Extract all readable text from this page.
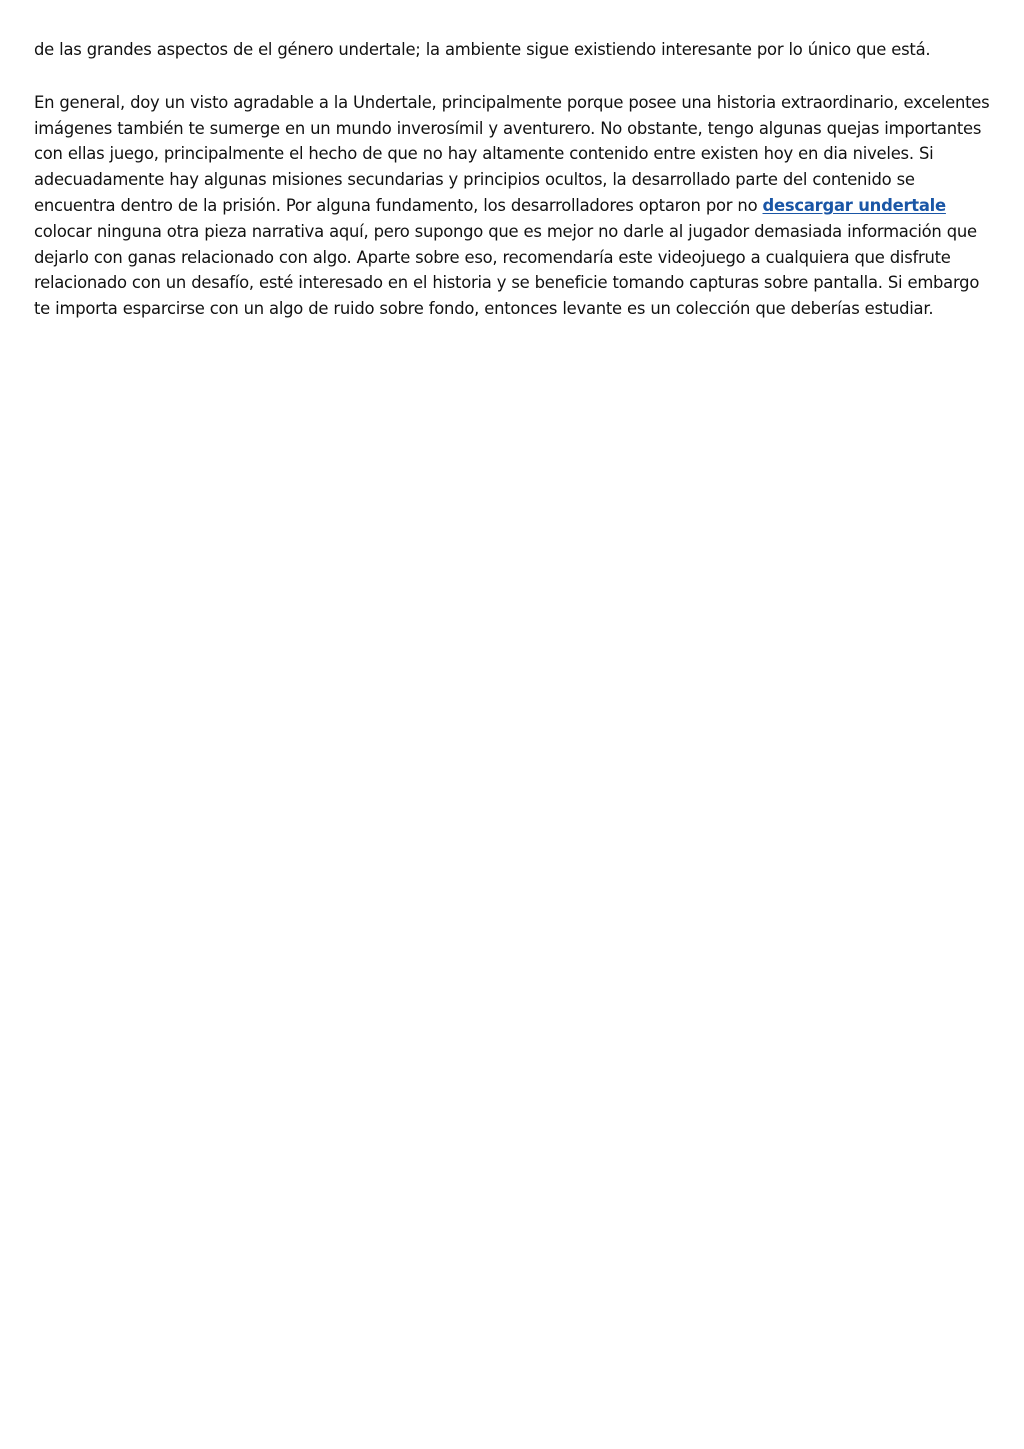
de las grandes aspectos de el género undertale; la ambiente sigue existiendo interesante por lo único que está.

En general, doy un visto agradable a la Undertale, principalmente porque posee una historia extraordinario, excelentes imágenes también te sumerge en un mundo inverosímil y aventurero. No obstante, tengo algunas quejas importantes con ellas juego, principalmente el hecho de que no hay altamente contenido entre existen hoy en dia niveles. Si adecuadamente hay algunas misiones secundarias y principios ocultos, la desarrollado parte del contenido se encuentra dentro de la prisión. Por alguna fundamento, los desarrolladores optaron por no descargar undertale colocar ninguna otra pieza narrativa aquí, pero supongo que es mejor no darle al jugador demasiada información que dejarlo con ganas relacionado con algo. Aparte sobre eso, recomendaría este videojuego a cualquiera que disfrute relacionado con un desafío, esté interesado en el historia y se beneficie tomando capturas sobre pantalla. Si embargo te importa esparcirse con un algo de ruido sobre fondo, entonces levante es un colección que deberías estudiar.
